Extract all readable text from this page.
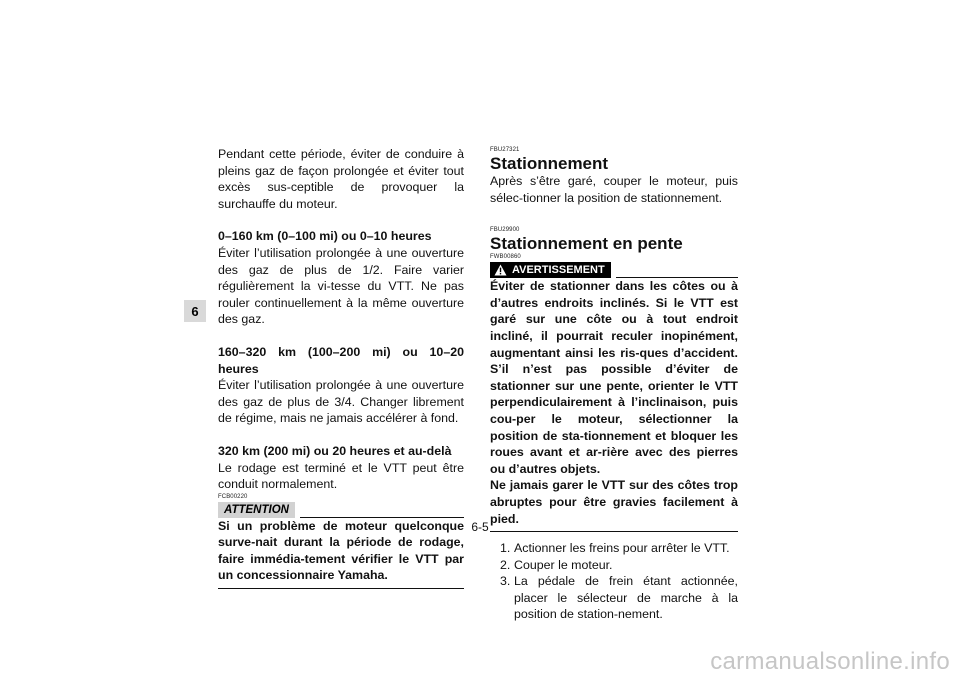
6

Pendant cette période, éviter de conduire à pleins gaz de façon prolongée et éviter tout excès sus-ceptible de provoquer la surchauffe du moteur.

0–160 km (0–100 mi) ou 0–10 heures

Éviter l’utilisation prolongée à une ouverture des gaz de plus de 1/2. Faire varier régulièrement la vi-tesse du VTT. Ne pas rouler continuellement à la même ouverture des gaz.

160–320 km (100–200 mi) ou 10–20 heures

Éviter l’utilisation prolongée à une ouverture des gaz de plus de 3/4. Changer librement de régime, mais ne jamais accélérer à fond.

320 km (200 mi) ou 20 heures et au-delà

Le rodage est terminé et le VTT peut être conduit normalement.

FCB00220
ATTENTION

Si un problème de moteur quelconque surve-nait durant la période de rodage, faire immédia-tement vérifier le VTT par un concessionnaire Yamaha.

FBU27321

Stationnement

Après s’être garé, couper le moteur, puis sélec-tionner la position de stationnement.

FBU29900

Stationnement en pente

FWB00860
AVERTISSEMENT

Éviter de stationner dans les côtes ou à d’autres endroits inclinés. Si le VTT est garé sur une côte ou à tout endroit incliné, il pourrait reculer inopinément, augmentant ainsi les ris-ques d’accident. S’il n’est pas possible d’éviter de stationner sur une pente, orienter le VTT perpendiculairement à l’inclinaison, puis cou-per le moteur, sélectionner la position de sta-tionnement et bloquer les roues avant et ar-rière avec des pierres ou d’autres objets.

Ne jamais garer le VTT sur des côtes trop abruptes pour être gravies facilement à pied.

1. Actionner les freins pour arrêter le VTT.
2. Couper le moteur.
3. La pédale de frein étant actionnée, placer le sélecteur de marche à la position de station-nement.
6-5
carmanualsonline.info
